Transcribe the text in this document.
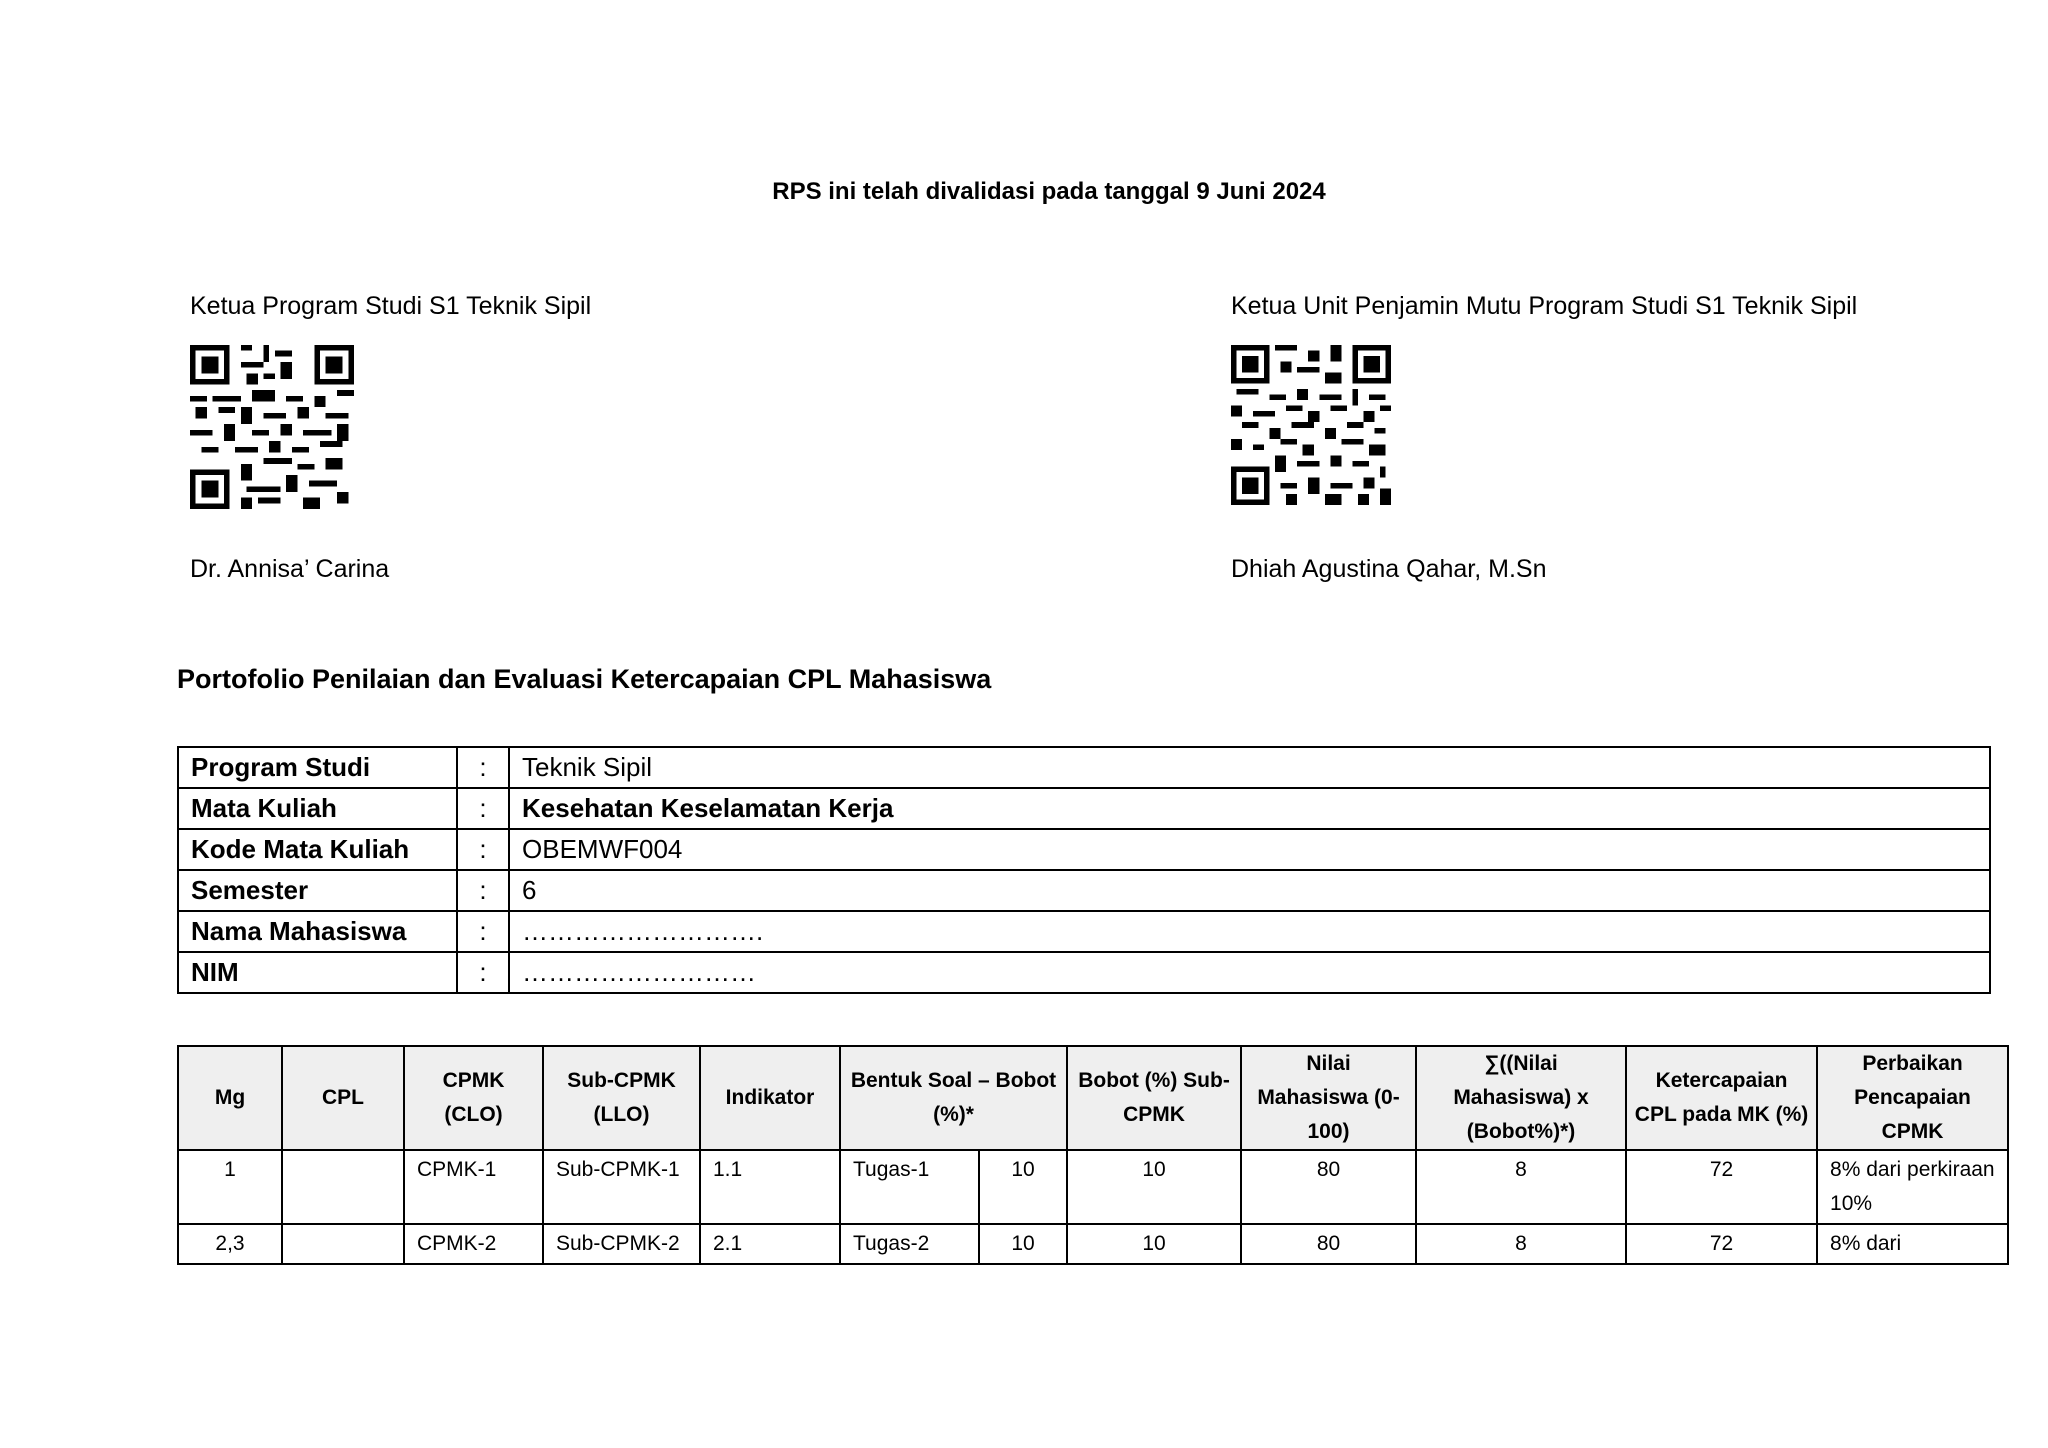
RPS ini telah divalidasi pada tanggal 9 Juni 2024
Ketua Program Studi S1 Teknik Sipil
Dr. Annisa’ Carina
Ketua Unit Penjamin Mutu Program Studi S1 Teknik Sipil
Dhiah Agustina Qahar, M.Sn
Portofolio Penilaian dan Evaluasi Ketercapaian CPL Mahasiswa
Program Studi	:	Teknik Sipil
Mata Kuliah	:	Kesehatan Keselamatan Kerja
Kode Mata Kuliah	:	OBEMWF004
Semester	:	6
Nama Mahasiswa	:	……………………….
NIM	:	………………………
Mg	CPL	CPMK (CLO)	Sub-CPMK (LLO)	Indikator	Bentuk Soal – Bobot (%)*		Bobot (%) Sub-CPMK	Nilai Mahasiswa (0-100)	∑((Nilai Mahasiswa) x (Bobot%)*)	Ketercapaian CPL pada MK (%)	Perbaikan Pencapaian CPMK
1		CPMK-1	Sub-CPMK-1	1.1	Tugas-1	10	10	80	8	72	8% dari perkiraan 10%
2,3		CPMK-2	Sub-CPMK-2	2.1	Tugas-2	10	10	80	8	72	8% dari
